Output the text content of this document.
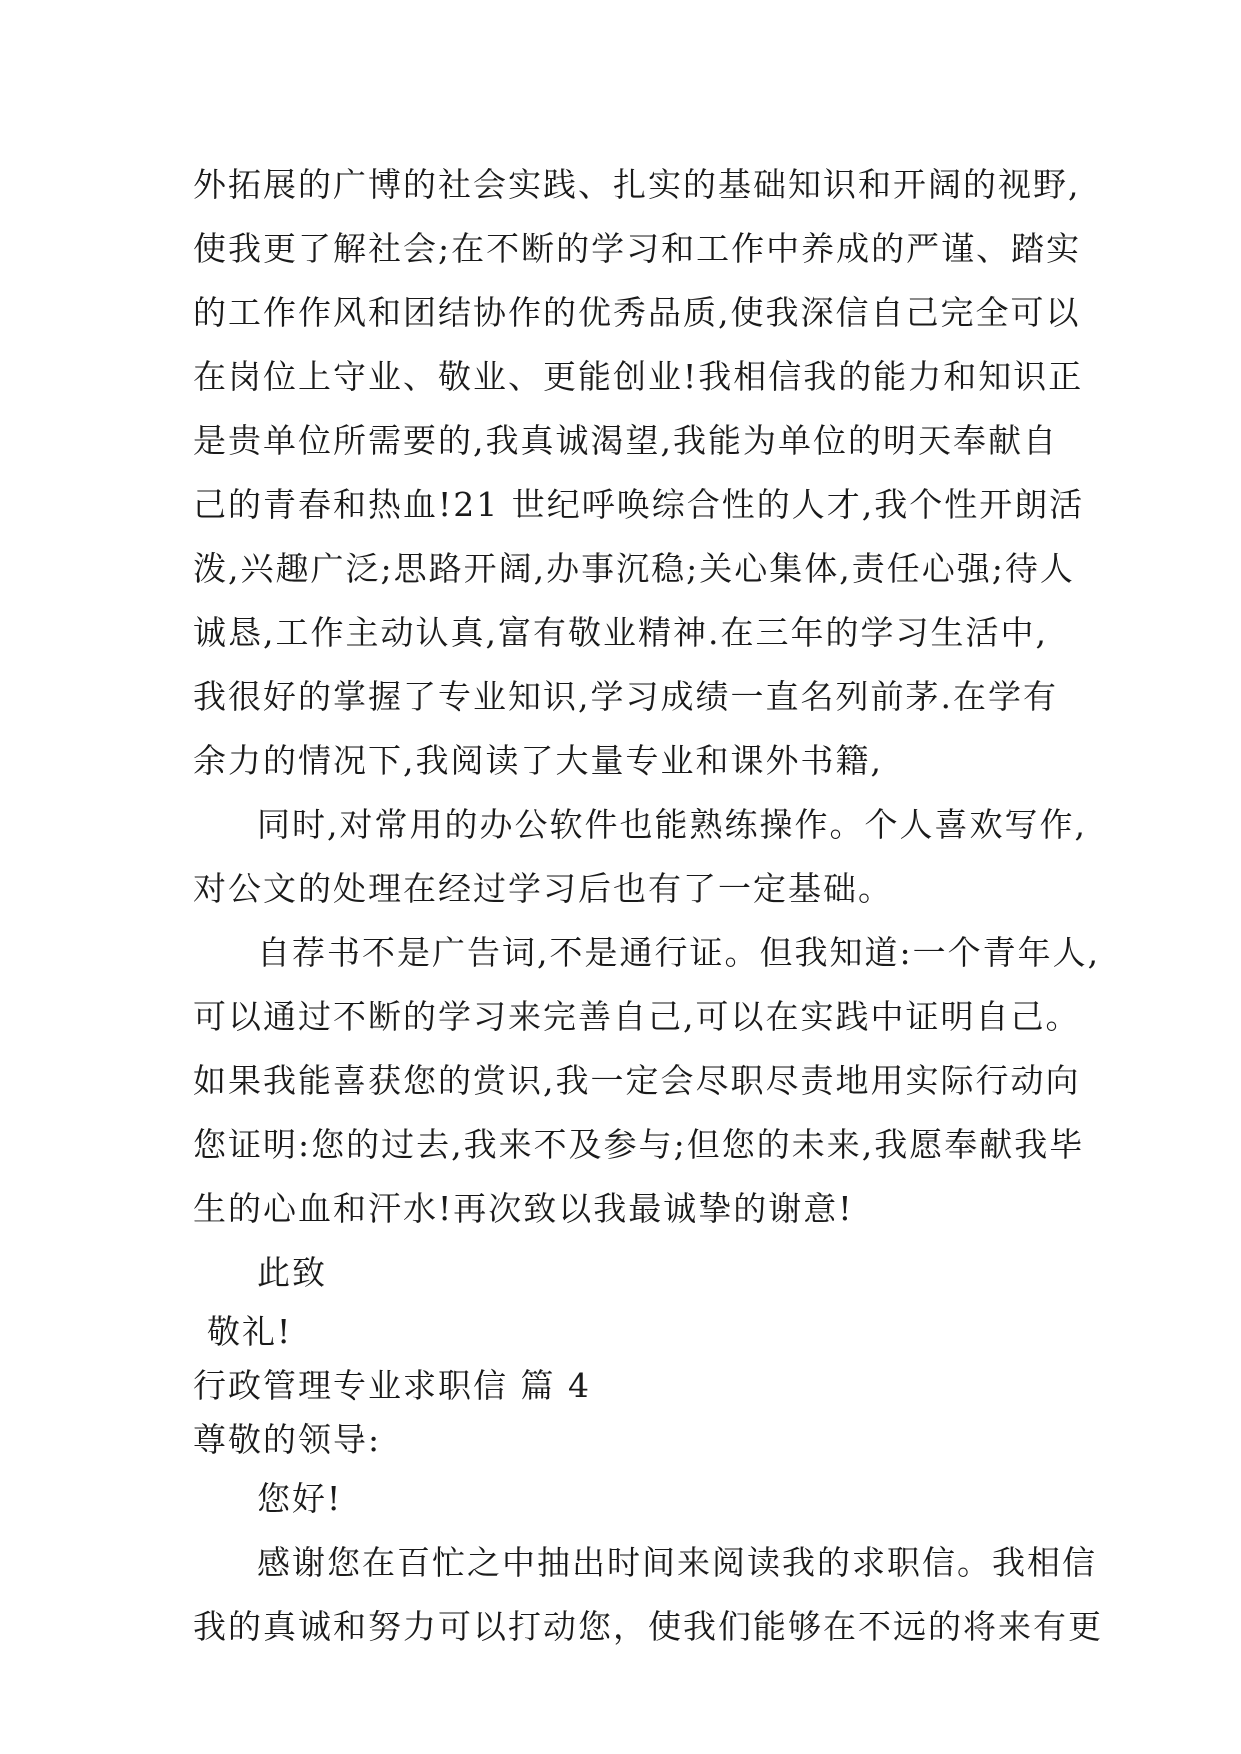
外拓展的广博的社会实践、扎实的基础知识和开阔的视野,
使我更了解社会;在不断的学习和工作中养成的严谨、踏实
的工作作风和团结协作的优秀品质,使我深信自己完全可以
在岗位上守业、敬业、更能创业!我相信我的能力和知识正
是贵单位所需要的,我真诚渴望,我能为单位的明天奉献自
己的青春和热血!21 世纪呼唤综合性的人才,我个性开朗活
泼,兴趣广泛;思路开阔,办事沉稳;关心集体,责任心强;待人
诚恳,工作主动认真,富有敬业精神.在三年的学习生活中,
我很好的掌握了专业知识,学习成绩一直名列前茅.在学有
余力的情况下,我阅读了大量专业和课外书籍,
同时,对常用的办公软件也能熟练操作。个人喜欢写作,
对公文的处理在经过学习后也有了一定基础。
自荐书不是广告词,不是通行证。但我知道:一个青年人,
可以通过不断的学习来完善自己,可以在实践中证明自己。
如果我能喜获您的赏识,我一定会尽职尽责地用实际行动向
您证明:您的过去,我来不及参与;但您的未来,我愿奉献我毕
生的心血和汗水!再次致以我最诚挚的谢意!
此致
敬礼!
行政管理专业求职信 篇 4
尊敬的领导:
您好!
感谢您在百忙之中抽出时间来阅读我的求职信。我相信
我的真诚和努力可以打动您，使我们能够在不远的将来有更
